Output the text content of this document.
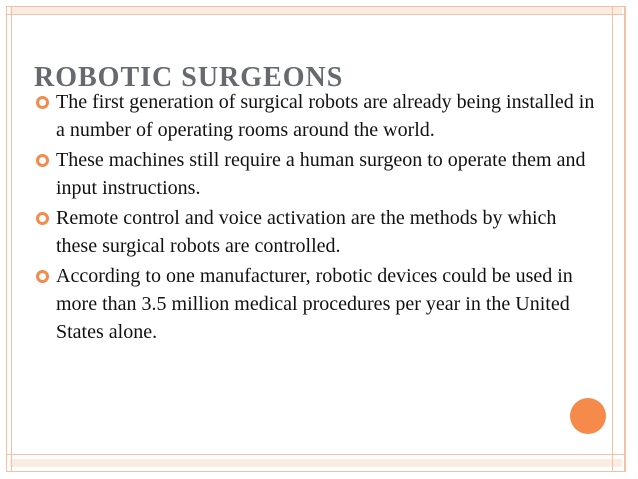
ROBOTIC SURGEONS
The first generation of surgical robots are already being installed in a number of operating rooms around the world.
These machines still require a human surgeon to operate them and input instructions.
Remote control and voice activation are the methods by which these surgical robots are controlled.
According to one manufacturer, robotic devices could be used in more than 3.5 million medical procedures per year in the United States alone.
